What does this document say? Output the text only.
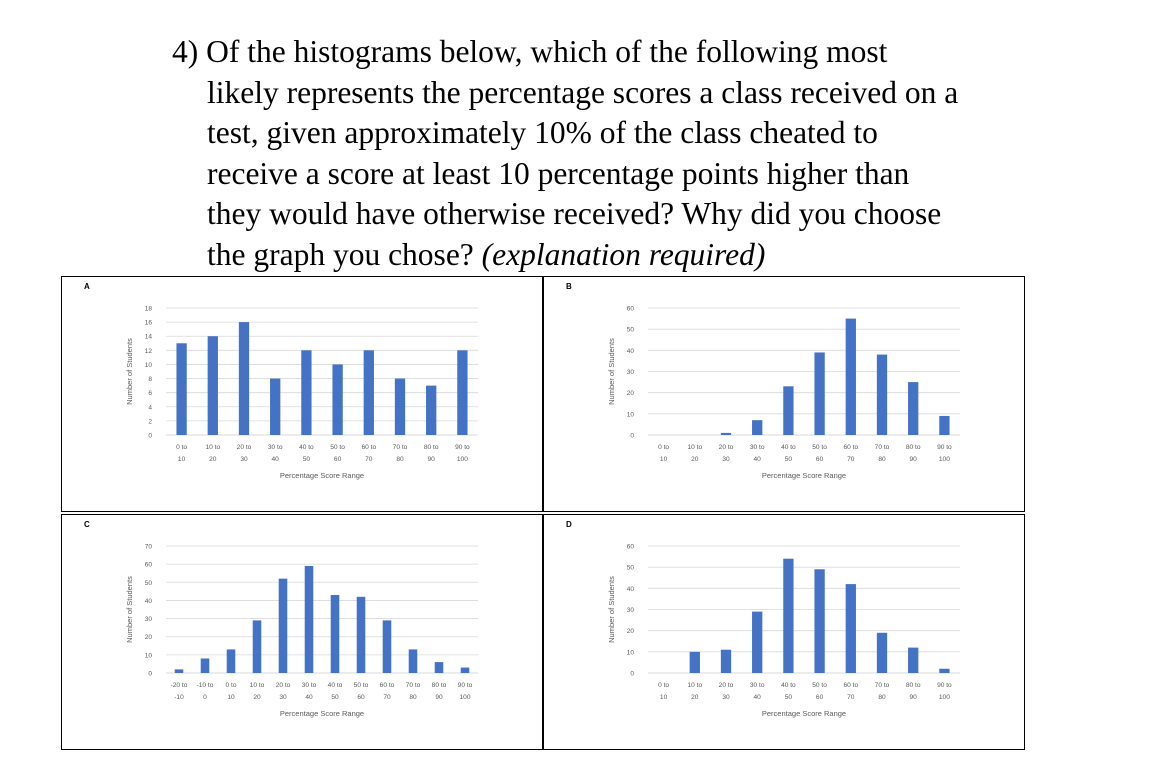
4) Of the histograms below, which of the following most
likely represents the percentage scores a class received on a
test, given approximately 10% of the class cheated to
receive a score at least 10 percentage points higher than
they would have otherwise received? Why did you choose
the graph you chose? (explanation required)
A
0
2
4
6
8
10
12
14
16
18
0 to
10
10 to
20
20 to
30
30 to
40
40 to
50
50 to
60
60 to
70
70 to
80
80 to
90
90 to
100
Percentage Score Range
Number of Students
B
0
10
20
30
40
50
60
0 to
10
10 to
20
20 to
30
30 to
40
40 to
50
50 to
60
60 to
70
70 to
80
80 to
90
90 to
100
Percentage Score Range
Number of Students
C
0
10
20
30
40
50
60
70
-20 to
-10
-10 to
0
0 to
10
10 to
20
20 to
30
30 to
40
40 to
50
50 to
60
60 to
70
70 to
80
80 to
90
90 to
100
Percentage Score Range
Number of Students
D
0
10
20
30
40
50
60
0 to
10
10 to
20
20 to
30
30 to
40
40 to
50
50 to
60
60 to
70
70 to
80
80 to
90
90 to
100
Percentage Score Range
Number of Students
